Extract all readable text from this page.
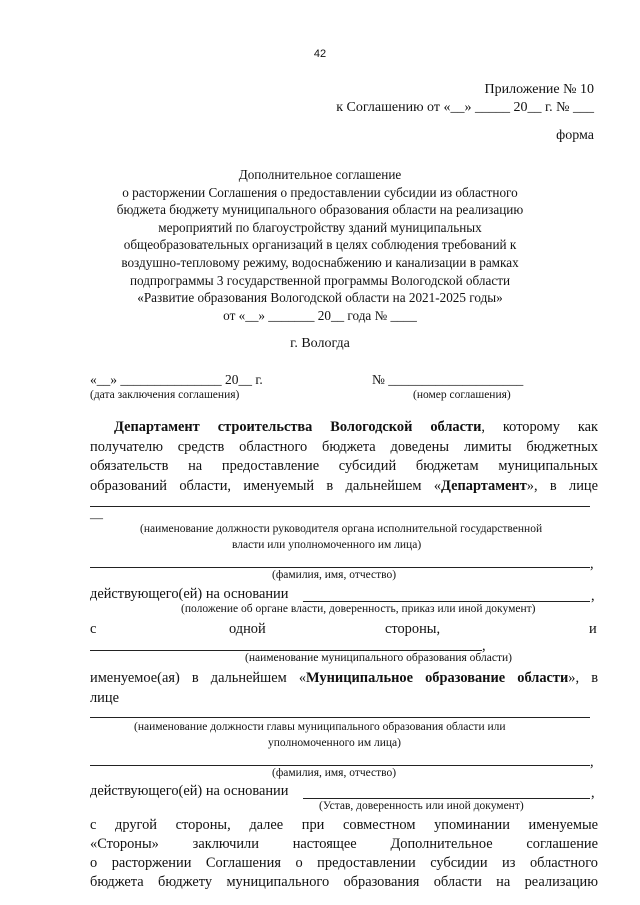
42
Приложение № 10
к Соглашению от «__» _____ 20__ г. № ___
форма
Дополнительное соглашение
о расторжении Соглашения о предоставлении субсидии из областного
бюджета бюджету муниципального образования области на реализацию
мероприятий по благоустройству зданий муниципальных
общеобразовательных организаций в целях соблюдения требований к
воздушно-тепловому режиму, водоснабжению и канализации в рамках
подпрограммы 3 государственной программы Вологодской области
«Развитие образования Вологодской области на 2021-2025 годы»
от «__» _______ 20__ года № ____
г. Вологда
«__» _______________ 20__ г.
(дата заключения соглашения)
№ ____________________
(номер соглашения)
Департамент строительства Вологодской области, которому как
получателю средств областного бюджета доведены лимиты бюджетных
обязательств на предоставление субсидий бюджетам муниципальных
образований области, именуемый в дальнейшем «Департамент», в лице
—
(наименование должности руководителя органа исполнительной государственной
власти или уполномоченного им лица)
,
(фамилия, имя, отчество)
действующего(ей) на основании	,
(положение об органе власти, доверенность, приказ или иной документ)
с	одной	стороны,	и
,
(наименование муниципального образования области)
именуемое(ая) в дальнейшем «Муниципальное образование области», в
лице
(наименование должности главы муниципального образования области или
уполномоченного им лица)
,
(фамилия, имя, отчество)
действующего(ей) на основании	,
(Устав, доверенность или иной документ)
с другой стороны, далее при совместном упоминании именуемые
«Стороны» заключили настоящее Дополнительное соглашение
о расторжении Соглашения о предоставлении субсидии из областного
бюджета бюджету муниципального образования области на реализацию
